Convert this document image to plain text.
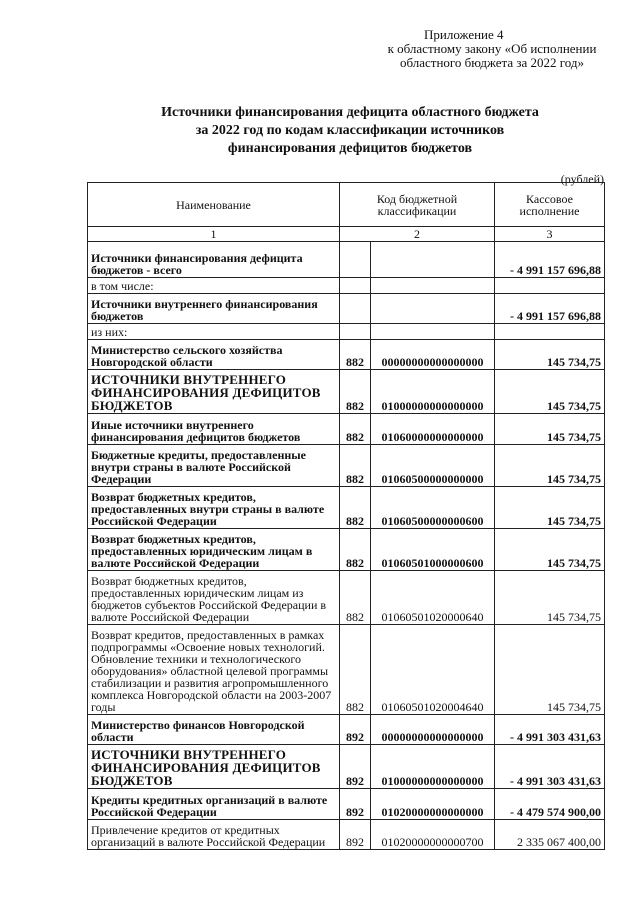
Приложение 4
к областному закону «Об исполнении
областного бюджета за 2022 год»
Источники финансирования дефицита областного бюджета
за 2022 год по кодам классификации источников
финансирования дефицитов бюджетов
(рублей)
Наименование	Код бюджетной классификации		Кассовое исполнение
1	2		3
Источники финансирования дефицита бюджетов - всего			- 4 991 157 696,88
в том числе:			
Источники внутреннего финансирования бюджетов			- 4 991 157 696,88
из них:			
Министерство сельского хозяйства Новгородской области	882	00000000000000000	145 734,75
ИСТОЧНИКИ ВНУТРЕННЕГО ФИНАНСИРОВАНИЯ ДЕФИЦИТОВ БЮДЖЕТОВ	882	01000000000000000	145 734,75
Иные источники внутреннего финансирования дефицитов бюджетов	882	01060000000000000	145 734,75
Бюджетные кредиты, предоставленные внутри страны в валюте Российской Федерации	882	01060500000000000	145 734,75
Возврат бюджетных кредитов, предоставленных внутри страны в валюте Российской Федерации	882	01060500000000600	145 734,75
Возврат бюджетных кредитов, предоставленных юридическим лицам в валюте Российской Федерации	882	01060501000000600	145 734,75
Возврат бюджетных кредитов, предоставленных юридическим лицам из бюджетов субъектов Российской Федерации в валюте Российской Федерации	882	01060501020000640	145 734,75
Возврат кредитов, предоставленных в рамках подпрограммы «Освоение новых технологий. Обновление техники и технологического оборудования» областной целевой программы стабилизации и развития агропромышленного комплекса Новгородской области на 2003-2007 годы	882	01060501020004640	145 734,75
Министерство финансов Новгородской области	892	00000000000000000	- 4 991 303 431,63
ИСТОЧНИКИ ВНУТРЕННЕГО ФИНАНСИРОВАНИЯ ДЕФИЦИТОВ БЮДЖЕТОВ	892	01000000000000000	- 4 991 303 431,63
Кредиты кредитных организаций в валюте Российской Федерации	892	01020000000000000	- 4 479 574 900,00
Привлечение кредитов от кредитных организаций в валюте Российской Федерации	892	01020000000000700	2 335 067 400,00
